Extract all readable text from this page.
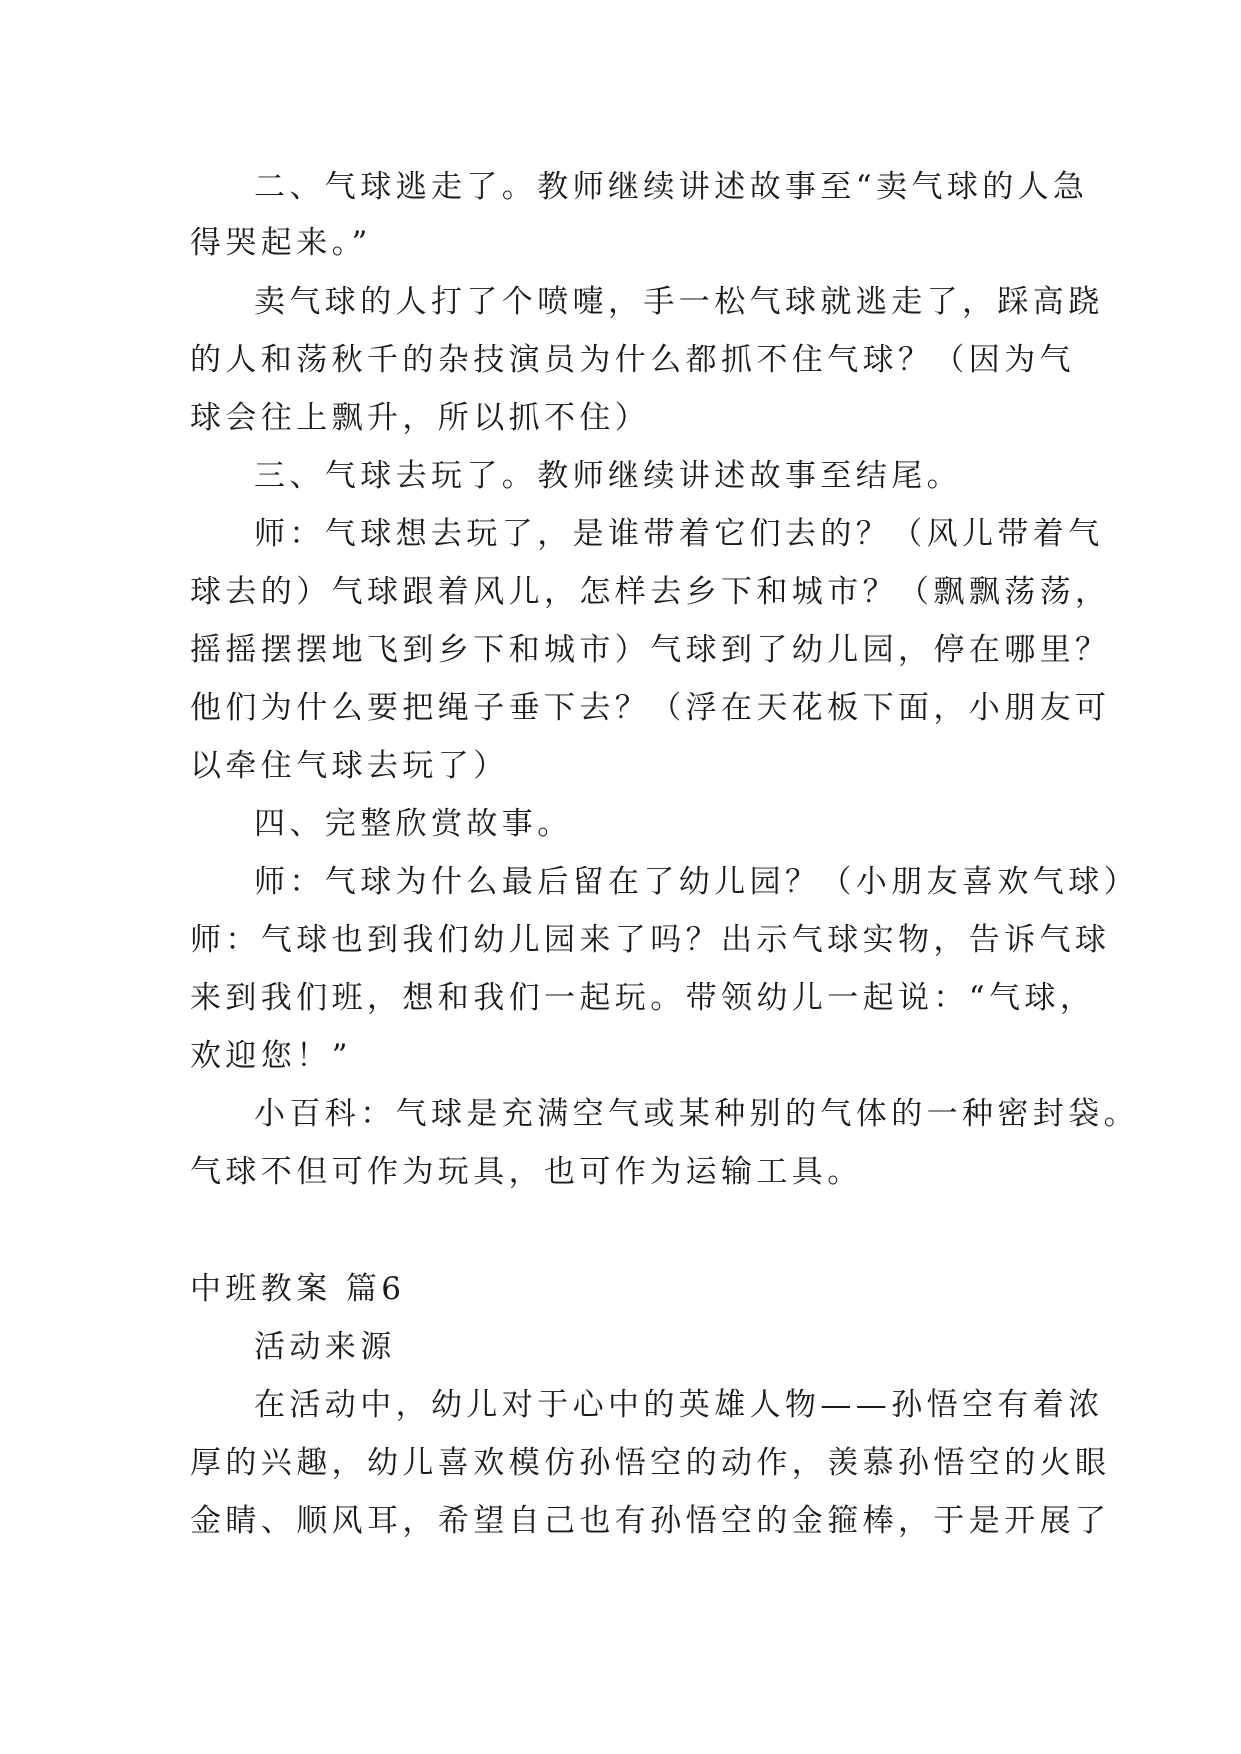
二、气球逃走了。教师继续讲述故事至“卖气球的人急
得哭起来。”
卖气球的人打了个喷嚏，手一松气球就逃走了，踩高跷
的人和荡秋千的杂技演员为什么都抓不住气球？（因为气
球会往上飘升，所以抓不住）
三、气球去玩了。教师继续讲述故事至结尾。
师：气球想去玩了，是谁带着它们去的？（风儿带着气
球去的）气球跟着风儿，怎样去乡下和城市？（飘飘荡荡，
摇摇摆摆地飞到乡下和城市）气球到了幼儿园，停在哪里？
他们为什么要把绳子垂下去？（浮在天花板下面，小朋友可
以牵住气球去玩了）
四、完整欣赏故事。
师：气球为什么最后留在了幼儿园？（小朋友喜欢气球）
师：气球也到我们幼儿园来了吗？出示气球实物，告诉气球
来到我们班，想和我们一起玩。带领幼儿一起说：“气球，
欢迎您！”
小百科：气球是充满空气或某种别的气体的一种密封袋。
气球不但可作为玩具，也可作为运输工具。
中班教案 篇6
活动来源
在活动中，幼儿对于心中的英雄人物——孙悟空有着浓
厚的兴趣，幼儿喜欢模仿孙悟空的动作，羡慕孙悟空的火眼
金睛、顺风耳，希望自己也有孙悟空的金箍棒，于是开展了
